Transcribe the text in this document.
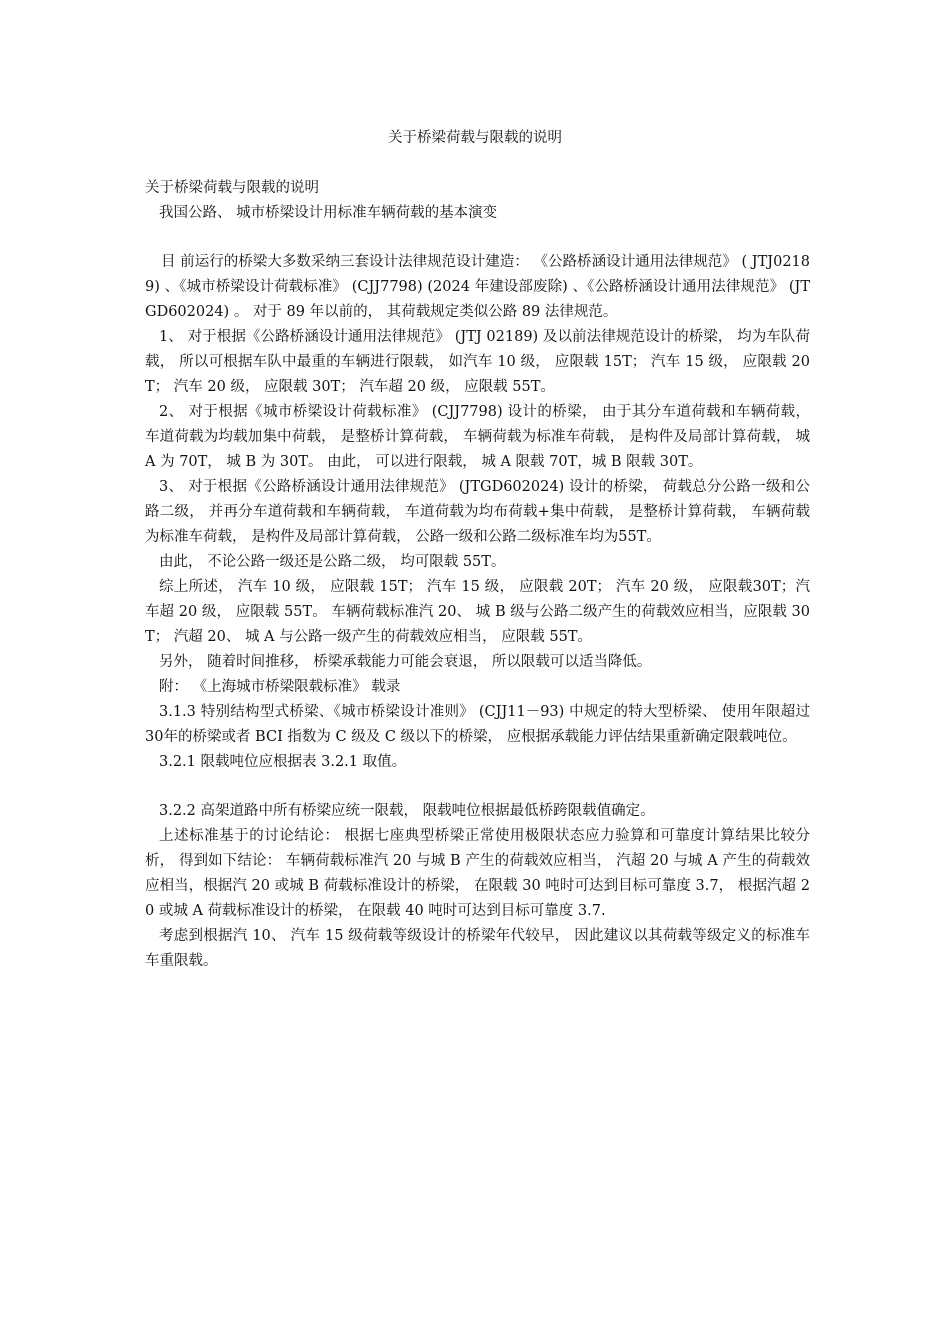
关于桥梁荷载与限载的说明

关于桥梁荷载与限载的说明

我国公路、 城市桥梁设计用标准车辆荷载的基本演变

目 前运行的桥梁大多数采纳三套设计法律规范设计建造： 《公路桥涵设计通用法律规范》 ( JTJ02189) 、《城市桥梁设计荷载标准》 (CJJ7798) (2024 年建设部废除) 、《公路桥涵设计通用法律规范》 (JTGD602024) 。 对于 89 年以前的， 其荷载规定类似公路 89 法律规范。

1、 对于根据《公路桥涵设计通用法律规范》 (JTJ 02189) 及以前法律规范设计的桥梁， 均为车队荷载， 所以可根据车队中最重的车辆进行限载， 如汽车 10 级， 应限载 15T； 汽车 15 级， 应限载 20T； 汽车 20 级， 应限载 30T； 汽车超 20 级， 应限载 55T。

2、 对于根据《城市桥梁设计荷载标准》 (CJJ7798) 设计的桥梁， 由于其分车道荷载和车辆荷载， 车道荷载为均载加集中荷载， 是整桥计算荷载， 车辆荷载为标准车荷载， 是构件及局部计算荷载， 城 A 为 70T， 城 B 为 30T。 由此， 可以进行限载， 城 A 限载 70T，城 B 限载 30T。

3、 对于根据《公路桥涵设计通用法律规范》 (JTGD602024) 设计的桥梁， 荷载总分公路一级和公路二级， 并再分车道荷载和车辆荷载， 车道荷载为均布荷载+集中荷载， 是整桥计算荷载， 车辆荷载为标准车荷载， 是构件及局部计算荷载， 公路一级和公路二级标准车均为55T。

由此， 不论公路一级还是公路二级， 均可限载 55T。

综上所述， 汽车 10 级， 应限载 15T； 汽车 15 级， 应限载 20T； 汽车 20 级， 应限载30T；汽车超 20 级， 应限载 55T。 车辆荷载标准汽 20、 城 B 级与公路二级产生的荷载效应相当，应限载 30T； 汽超 20、 城 A 与公路一级产生的荷载效应相当， 应限载 55T。

另外， 随着时间推移， 桥梁承载能力可能会衰退， 所以限载可以适当降低。

附： 《上海城市桥梁限载标准》 载录

3.1.3 特别结构型式桥梁、《城市桥梁设计准则》 (CJJ11－93) 中规定的特大型桥梁、 使用年限超过 30年的桥梁或者 BCI 指数为 C 级及 C 级以下的桥梁， 应根据承载能力评估结果重新确定限载吨位。

3.2.1 限载吨位应根据表 3.2.1 取值。

3.2.2 高架道路中所有桥梁应统一限载， 限载吨位根据最低桥跨限载值确定。

上述标准基于的讨论结论： 根据七座典型桥梁正常使用极限状态应力验算和可靠度计算结果比较分析， 得到如下结论： 车辆荷载标准汽 20 与城 B 产生的荷载效应相当， 汽超 20 与城 A 产生的荷载效应相当，根据汽 20 或城 B 荷载标准设计的桥梁， 在限载 30 吨时可达到目标可靠度 3.7， 根据汽超 20 或城 A 荷载标准设计的桥梁， 在限载 40 吨时可达到目标可靠度 3.7.

考虑到根据汽 10、 汽车 15 级荷载等级设计的桥梁年代较早， 因此建议以其荷载等级定义的标准车车重限载。
